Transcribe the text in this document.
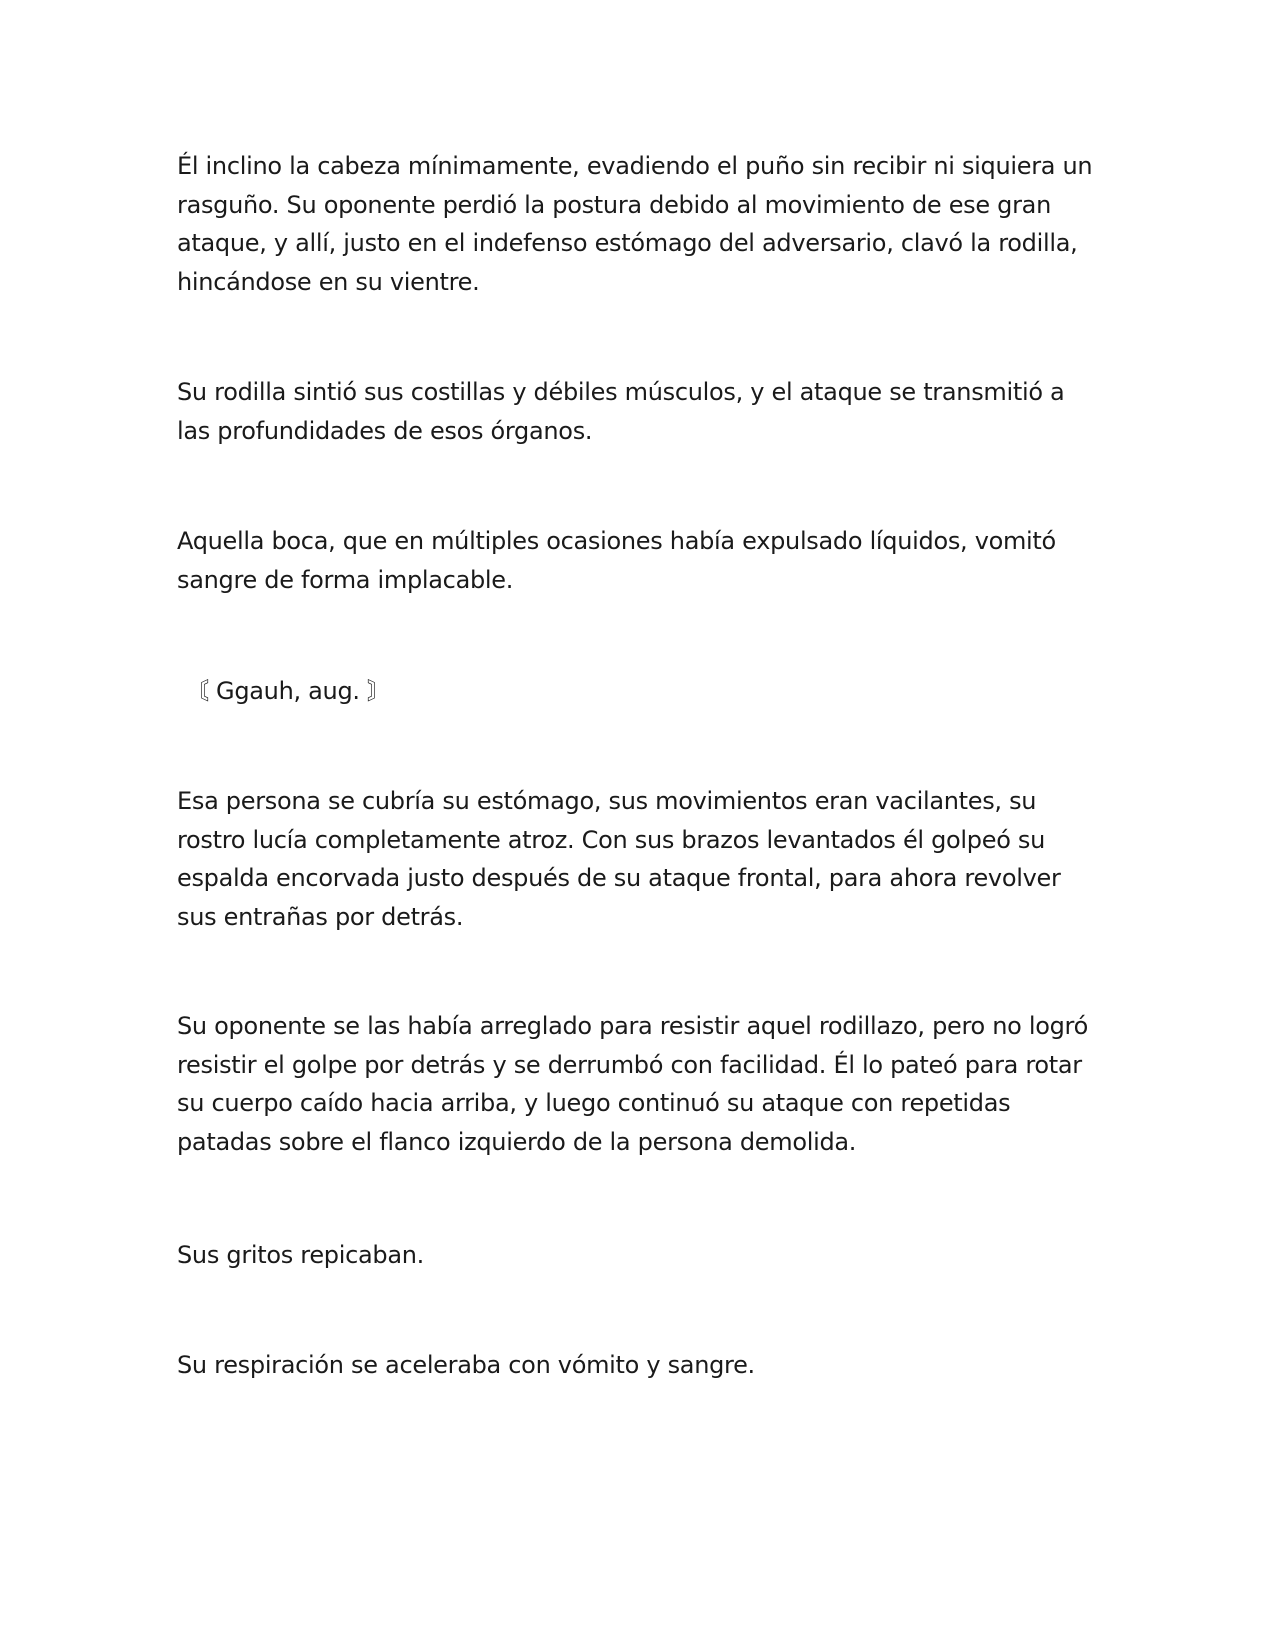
Él inclino la cabeza mínimamente, evadiendo el puño sin recibir ni siquiera un
rasguño. Su oponente perdió la postura debido al movimiento de ese gran
ataque, y allí, justo en el indefenso estómago del adversario, clavó la rodilla,
hincándose en su vientre.

Su rodilla sintió sus costillas y débiles músculos, y el ataque se transmitió a
las profundidades de esos órganos.

Aquella boca, que en múltiples ocasiones había expulsado líquidos, vomitó
sangre de forma implacable.

〘 Ggauh, aug. 〙

Esa persona se cubría su estómago, sus movimientos eran vacilantes, su
rostro lucía completamente atroz. Con sus brazos levantados él golpeó su
espalda encorvada justo después de su ataque frontal, para ahora revolver
sus entrañas por detrás.

Su oponente se las había arreglado para resistir aquel rodillazo, pero no logró
resistir el golpe por detrás y se derrumbó con facilidad. Él lo pateó para rotar
su cuerpo caído hacia arriba, y luego continuó su ataque con repetidas
patadas sobre el flanco izquierdo de la persona demolida.

Sus gritos repicaban.

Su respiración se aceleraba con vómito y sangre.
